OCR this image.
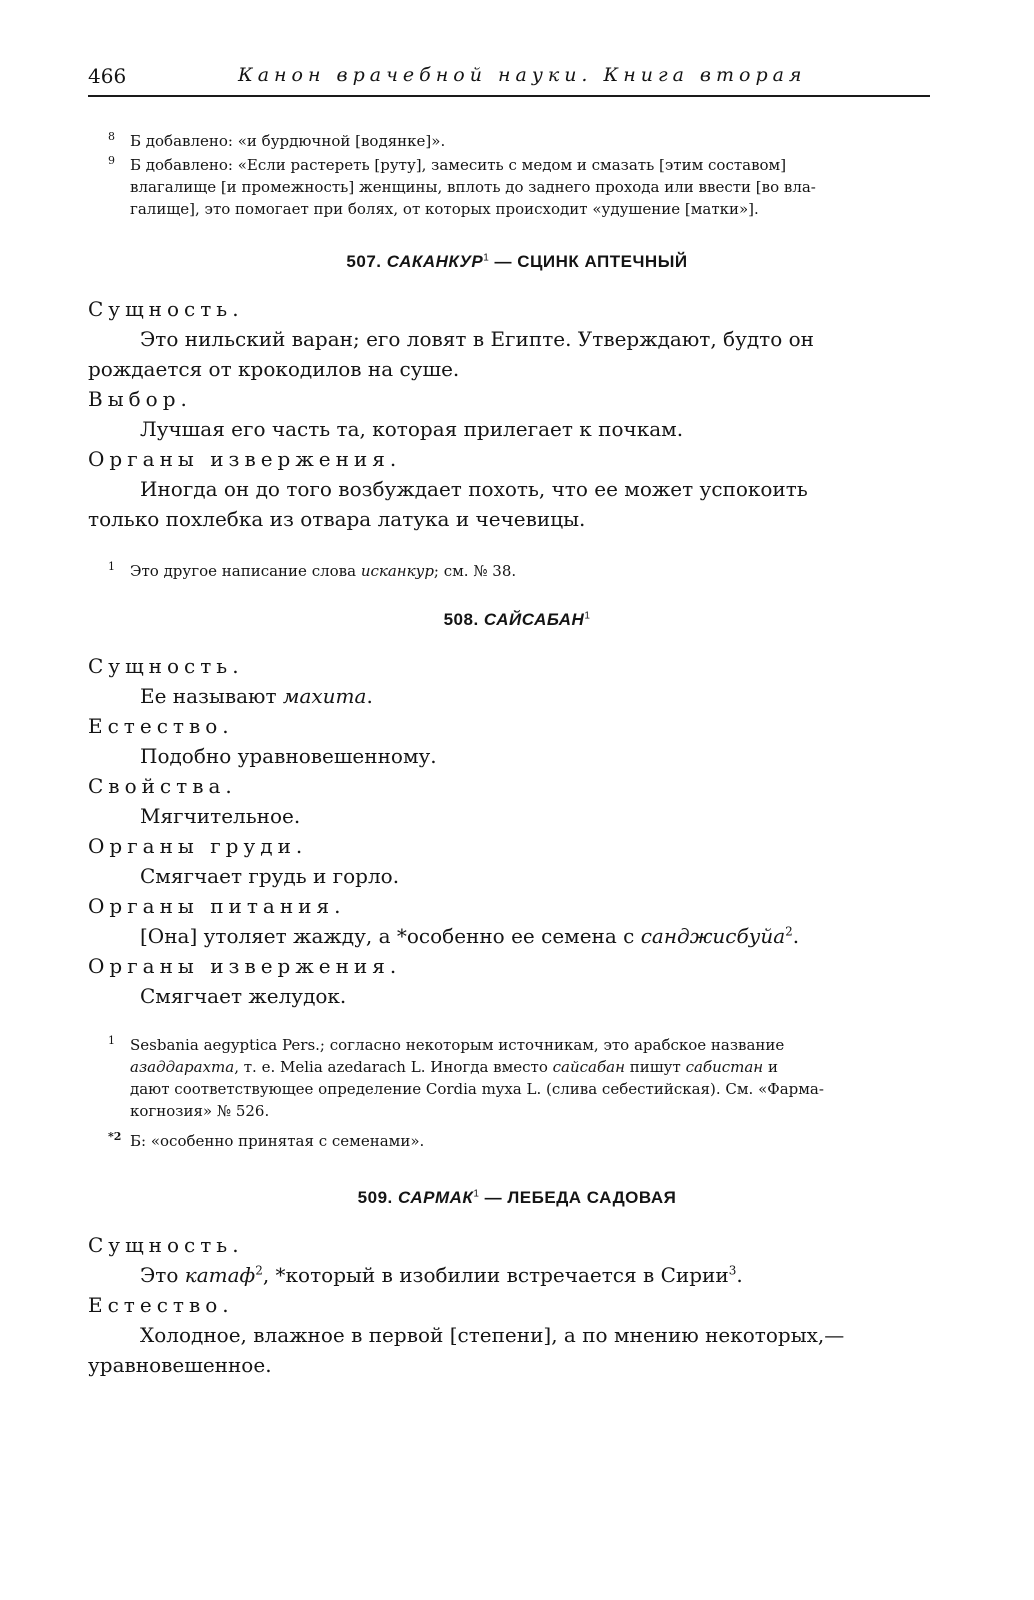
466	Канон врачебной науки. Книга вторая
8 Б добавлено: «и бурдючной [водянке]».
9 Б добавлено: «Если растереть [руту], замесить с медом и смазать [этим составом]
влагалище [и промежность] женщины, вплоть до заднего прохода или ввести [во вла-
галище], это помогает при болях, от которых происходит «удушение [матки»].
507. САКАНКУР$^1$ — СЦИНК АПТЕЧНЫЙ
Сущность.
Это нильский варан; его ловят в Египте. Утверждают, будто он
рождается от крокодилов на суше.
Выбор.
Лучшая его часть та, которая прилегает к почкам.
Органы извержения.
Иногда он до того возбуждает похоть, что ее может успокоить
только похлебка из отвара латука и чечевицы.
1 Это другое написание слова исканкур; см. № 38.
508. САЙСАБАН$^1$
Сущность.
Ее называют махита.
Естество.
Подобно уравновешенному.
Свойства.
Мягчительное.
Органы груди.
Смягчает грудь и горло.
Органы питания.
[Она] утоляет жажду, а *особенно ее семена с санджисбуйа$^2$.
Органы извержения.
Смягчает желудок.
1 Sesbania aegyptica Pers.; согласно некоторым источникам, это арабское название
азаддарахта, т. е. Melia azedarach L. Иногда вместо сайсабан пишут сабистан и
дают соответствующее определение Cordia myxa L. (слива себестийская). См. «Фарма-
когнозия» № 526.
*2 Б: «особенно принятая с семенами».
509. САРМАК$^1$ — ЛЕБЕДА САДОВАЯ
Сущность.
Это катаф$^2$, *который в изобилии встречается в Сирии$^3$.
Естество.
Холодное, влажное в первой [степени], а по мнению некоторых,—
уравновешенное.
